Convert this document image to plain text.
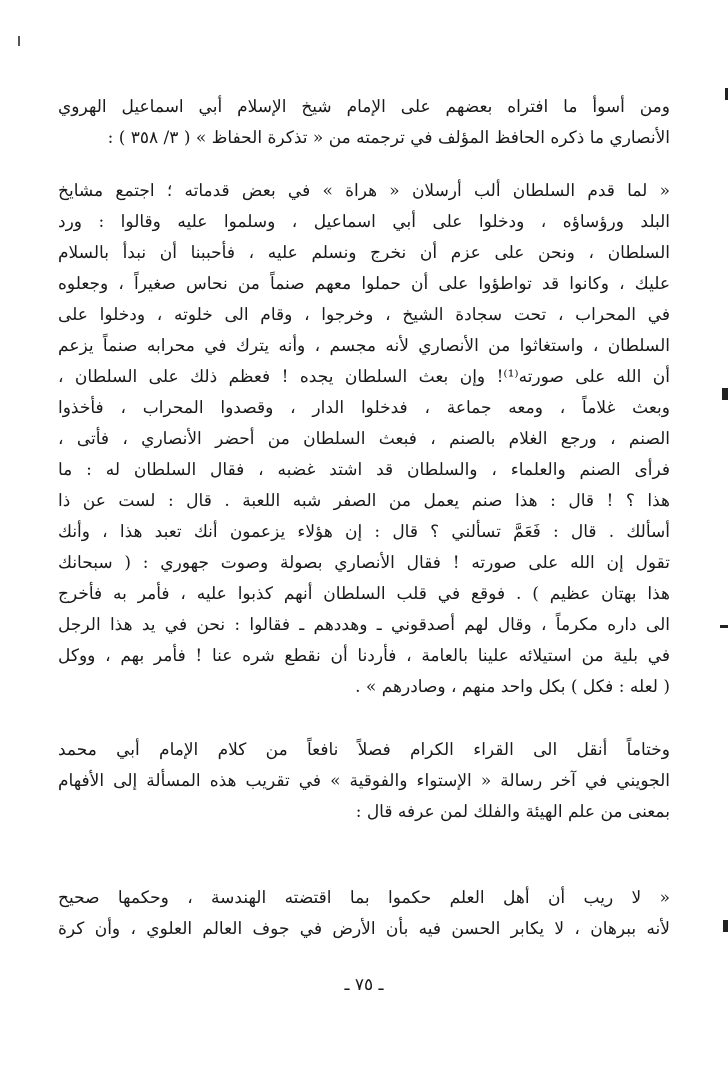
ومن أسوأ ما افتراه بعضهم على الإمام شيخ الإسلام أبي اسماعيل الهروي
الأنصاري ما ذكره الحافظ المؤلف في ترجمته من « تذكرة الحفاظ » ( ٣/ ٣٥٨ ) :
« لما قدم السلطان ألب أرسلان « هراة » في بعض قدماته ؛ اجتمع مشايخ
البلد ورؤساؤه ، ودخلوا على أبي اسماعيل ، وسلموا عليه وقالوا : ورد
السلطان ، ونحن على عزم أن نخرج ونسلم عليه ، فأحببنا أن نبدأ بالسلام
عليك ، وكانوا قد تواطؤوا على أن حملوا معهم صنماً من نحاس صغيراً ، وجعلوه
في المحراب ، تحت سجادة الشيخ ، وخرجوا ، وقام الى خلوته ، ودخلوا على
السلطان ، واستغاثوا من الأنصاري لأنه مجسم ، وأنه يترك في محرابه صنماً يزعم
أن الله على صورته⁽¹⁾! وإن بعث السلطان يجده ! فعظم ذلك على السلطان ،
وبعث غلاماً ، ومعه جماعة ، فدخلوا الدار ، وقصدوا المحراب ، فأخذوا
الصنم ، ورجع الغلام بالصنم ، فبعث السلطان من أحضر الأنصاري ، فأتى ،
فرأى الصنم والعلماء ، والسلطان قد اشتد غضبه ، فقال السلطان له : ما
هذا ؟ ! قال : هذا صنم يعمل من الصفر شبه اللعبة . قال : لست عن ذا
أسألك . قال : فَعَمَّ تسألني ؟ قال : إن هؤلاء يزعمون أنك تعبد هذا ، وأنك
تقول إن الله على صورته ! فقال الأنصاري بصولة وصوت جهوري : ( سبحانك
هذا بهتان عظيم ) . فوقع في قلب السلطان أنهم كذبوا عليه ، فأمر به فأخرج
الى داره مكرماً ، وقال لهم أصدقوني ـ وهددهم ـ فقالوا : نحن في يد هذا الرجل
في بلية من استيلائه علينا بالعامة ، فأردنا أن نقطع شره عنا ! فأمر بهم ، ووكل
( لعله : فكل ) بكل واحد منهم ، وصادرهم » .
وختاماً أنقل الى القراء الكرام فصلاً نافعاً من كلام الإمام أبي محمد
الجويني في آخر رسالة « الإستواء والفوقية » في تقريب هذه المسألة إلى الأفهام
بمعنى من علم الهيئة والفلك لمن عرفه قال :
« لا ريب أن أهل العلم حكموا بما اقتضته الهندسة ، وحكمها صحيح
لأنه ببرهان ، لا يكابر الحسن فيه بأن الأرض في جوف العالم العلوي ، وأن كرة
ـ ٧٥ ـ
